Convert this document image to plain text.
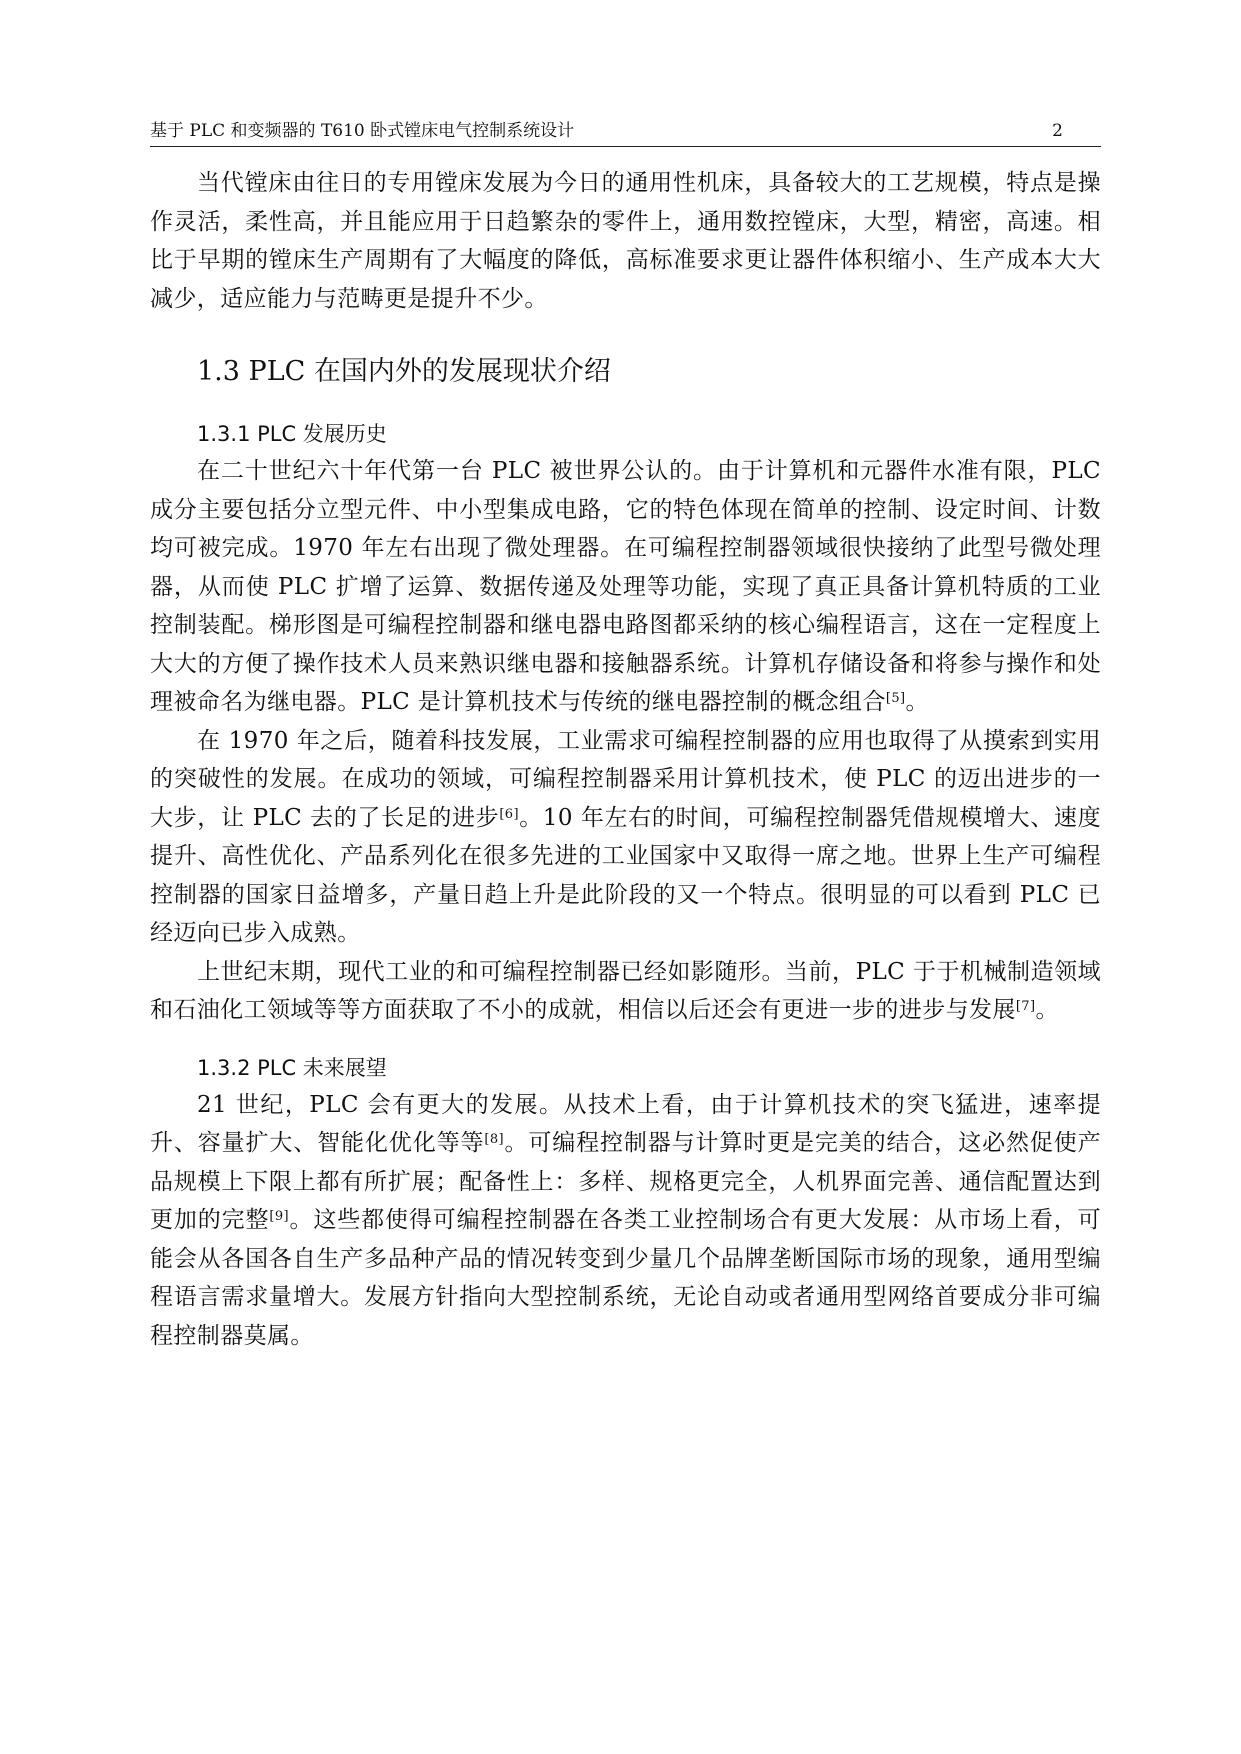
基于 PLC 和变频器的 T610 卧式镗床电气控制系统设计	2

当代镗床由往日的专用镗床发展为今日的通用性机床，具备较大的工艺规模，特点是操作灵活，柔性高，并且能应用于日趋繁杂的零件上，通用数控镗床，大型，精密，高速。相比于早期的镗床生产周期有了大幅度的降低，高标准要求更让器件体积缩小、生产成本大大减少，适应能力与范畴更是提升不少。

1.3 PLC 在国内外的发展现状介绍
1.3.1 PLC 发展历史

在二十世纪六十年代第一台 PLC 被世界公认的。由于计算机和元器件水准有限，PLC 成分主要包括分立型元件、中小型集成电路，它的特色体现在简单的控制、设定时间、计数均可被完成。1970 年左右出现了微处理器。在可编程控制器领域很快接纳了此型号微处理器，从而使 PLC 扩增了运算、数据传递及处理等功能，实现了真正具备计算机特质的工业控制装配。梯形图是可编程控制器和继电器电路图都采纳的核心编程语言，这在一定程度上大大的方便了操作技术人员来熟识继电器和接触器系统。计算机存储设备和将参与操作和处理被命名为继电器。PLC 是计算机技术与传统的继电器控制的概念组合[5]。

在 1970 年之后，随着科技发展，工业需求可编程控制器的应用也取得了从摸索到实用的突破性的发展。在成功的领域，可编程控制器采用计算机技术，使 PLC 的迈出进步的一大步，让 PLC 去的了长足的进步[6]。10 年左右的时间，可编程控制器凭借规模增大、速度提升、高性优化、产品系列化在很多先进的工业国家中又取得一席之地。世界上生产可编程控制器的国家日益增多，产量日趋上升是此阶段的又一个特点。很明显的可以看到 PLC 已经迈向已步入成熟。

上世纪末期，现代工业的和可编程控制器已经如影随形。当前，PLC 于于机械制造领域和石油化工领域等等方面获取了不小的成就，相信以后还会有更进一步的进步与发展[7]。

1.3.2 PLC 未来展望

21 世纪，PLC 会有更大的发展。从技术上看，由于计算机技术的突飞猛进，速率提升、容量扩大、智能化优化等等[8]。可编程控制器与计算时更是完美的结合，这必然促使产品规模上下限上都有所扩展；配备性上：多样、规格更完全，人机界面完善、通信配置达到更加的完整[9]。这些都使得可编程控制器在各类工业控制场合有更大发展：从市场上看，可能会从各国各自生产多品种产品的情况转变到少量几个品牌垄断国际市场的现象，通用型编程语言需求量增大。发展方针指向大型控制系统，无论自动或者通用型网络首要成分非可编程控制器莫属。
